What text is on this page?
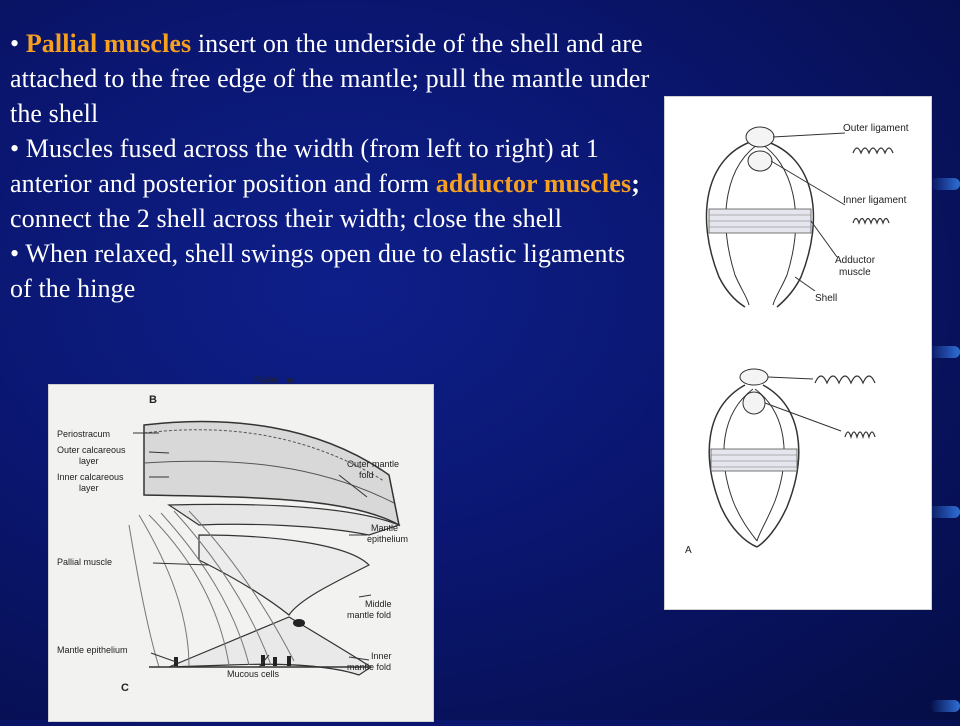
• Pallial muscles insert on the underside of the shell and are attached to the free edge of the mantle; pull the mantle under the shell

• Muscles fused across the width (from left to right) at 1 anterior and posterior position and form adductor muscles; connect the 2 shell across their width; close the shell

• When relaxed, shell swings open due to elastic ligaments of the hinge

B
Pallial line
Periostracum
Outer calcareous
layer
Inner calcareous
layer
Outer mantle
fold
Mantle
epithelium
Pallial muscle
Middle
mantle fold
Mantle epithelium
Inner
mantle fold
Mucous cells
C
Outer ligament
Inner ligament
Adductor
muscle
Shell
A
